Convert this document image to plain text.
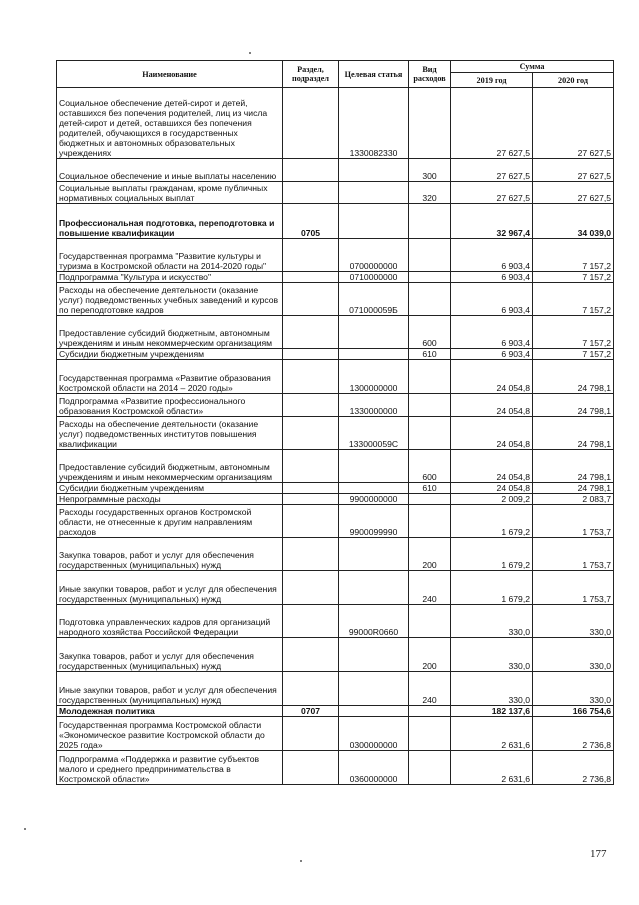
Наименование	Раздел, подраздел	Целевая статья	Вид расходов	Сумма	
				2019 год	2020 год
Социальное обеспечение детей-сирот и детей, оставшихся без попечения родителей, лиц из числа детей-сирот и детей, оставшихся без попечения родителей, обучающихся в государственных бюджетных и автономных образовательных учреждениях		1330082330		27 627,5	27 627,5
Социальное обеспечение и иные выплаты населению			300	27 627,5	27 627,5
Социальные выплаты гражданам, кроме публичных нормативных социальных выплат			320	27 627,5	27 627,5
Профессиональная подготовка, переподготовка и повышение квалификации	0705			32 967,4	34 039,0
Государственная программа "Развитие культуры и туризма в Костромской области на 2014-2020 годы"		0700000000		6 903,4	7 157,2
Подпрограмма "Культура и искусство"		0710000000		6 903,4	7 157,2
Расходы на обеспечение деятельности (оказание услуг) подведомственных учебных заведений и курсов по переподготовке кадров		071000059Б		6 903,4	7 157,2
Предоставление субсидий бюджетным, автономным учреждениям и иным некоммерческим организациям			600	6 903,4	7 157,2
Субсидии бюджетным учреждениям			610	6 903,4	7 157,2
Государственная программа «Развитие образования Костромской области на 2014 – 2020 годы»		1300000000		24 054,8	24 798,1
Подпрограмма «Развитие профессионального образования Костромской области»		1330000000		24 054,8	24 798,1
Расходы на обеспечение деятельности (оказание услуг) подведомственных институтов повышения квалификации		133000059С		24 054,8	24 798,1
Предоставление субсидий бюджетным, автономным учреждениям и иным некоммерческим организациям			600	24 054,8	24 798,1
Субсидии бюджетным учреждениям			610	24 054,8	24 798,1
Непрограммные расходы		9900000000		2 009,2	2 083,7
Расходы государственных органов Костромской области, не отнесенные к другим направлениям расходов		9900099990		1 679,2	1 753,7
Закупка товаров, работ и услуг для обеспечения государственных (муниципальных) нужд			200	1 679,2	1 753,7
Иные закупки товаров, работ и услуг для обеспечения государственных (муниципальных) нужд			240	1 679,2	1 753,7
Подготовка управленческих кадров для организаций народного хозяйства Российской Федерации		99000R0660		330,0	330,0
Закупка товаров, работ и услуг для обеспечения государственных (муниципальных) нужд			200	330,0	330,0
Иные закупки товаров, работ и услуг для обеспечения государственных (муниципальных) нужд			240	330,0	330,0
Молодежная политика	0707			182 137,6	166 754,6
Государственная программа Костромской области «Экономическое развитие Костромской области до 2025 года»		0300000000		2 631,6	2 736,8
Подпрограмма «Поддержка и развитие субъектов малого и среднего предпринимательства в Костромской области»		0360000000		2 631,6	2 736,8
177
